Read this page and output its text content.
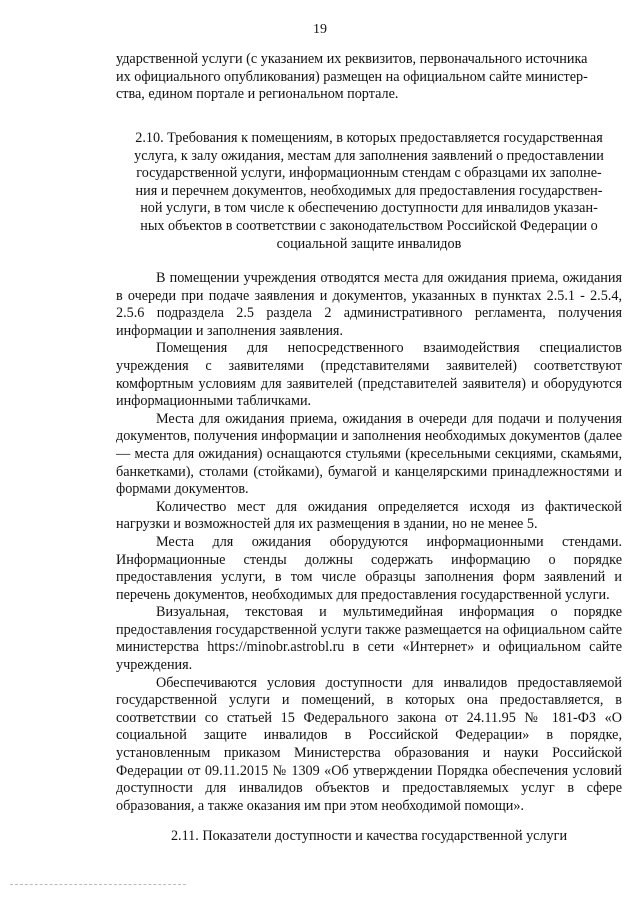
19
ударственной услуги (с указанием их реквизитов, первоначального источника
их официального опубликования) размещен на официальном сайте министер-
ства, едином портале и региональном портале.
2.10. Требования к помещениям, в которых предоставляется государственная
услуга, к залу ожидания, местам для заполнения заявлений о предоставлении
государственной услуги, информационным стендам с образцами их заполне-
ния и перечнем документов, необходимых для предоставления государствен-
ной услуги, в том числе к обеспечению доступности для инвалидов указан-
ных объектов в соответствии с законодательством Российской Федерации о
социальной защите инвалидов

В помещении учреждения отводятся места для ожидания приема, ожидания в очереди при подаче заявления и документов, указанных в пунктах 2.5.1 - 2.5.4, 2.5.6 подраздела 2.5 раздела 2 административного регламента, получения информации и заполнения заявления.

Помещения для непосредственного взаимодействия специалистов учреждения с заявителями (представителями заявителей) соответствуют комфортным условиям для заявителей (представителей заявителя) и оборудуются информационными табличками.

Места для ожидания приема, ожидания в очереди для подачи и получения документов, получения информации и заполнения необходимых документов (далее — места для ожидания) оснащаются стульями (кресельными секциями, скамьями, банкетками), столами (стойками), бумагой и канцелярскими принадлежностями и формами документов.

Количество мест для ожидания определяется исходя из фактической нагрузки и возможностей для их размещения в здании, но не менее 5.

Места для ожидания оборудуются информационными стендами. Информационные стенды должны содержать информацию о порядке предоставления услуги, в том числе образцы заполнения форм заявлений и перечень документов, необходимых для предоставления государственной услуги.

Визуальная, текстовая и мультимедийная информация о порядке предоставления государственной услуги также размещается на официальном сайте министерства https://minobr.astrobl.ru в сети «Интернет» и официальном сайте учреждения.

Обеспечиваются условия доступности для инвалидов предоставляемой государственной услуги и помещений, в которых она предоставляется, в соответствии со статьей 15 Федерального закона от 24.11.95 № 181-ФЗ «О социальной защите инвалидов в Российской Федерации» в порядке, установленным приказом Министерства образования и науки Российской Федерации от 09.11.2015 № 1309 «Об утверждении Порядка обеспечения условий доступности для инвалидов объектов и предоставляемых услуг в сфере образования, а также оказания им при этом необходимой помощи».

2.11. Показатели доступности и качества государственной услуги
